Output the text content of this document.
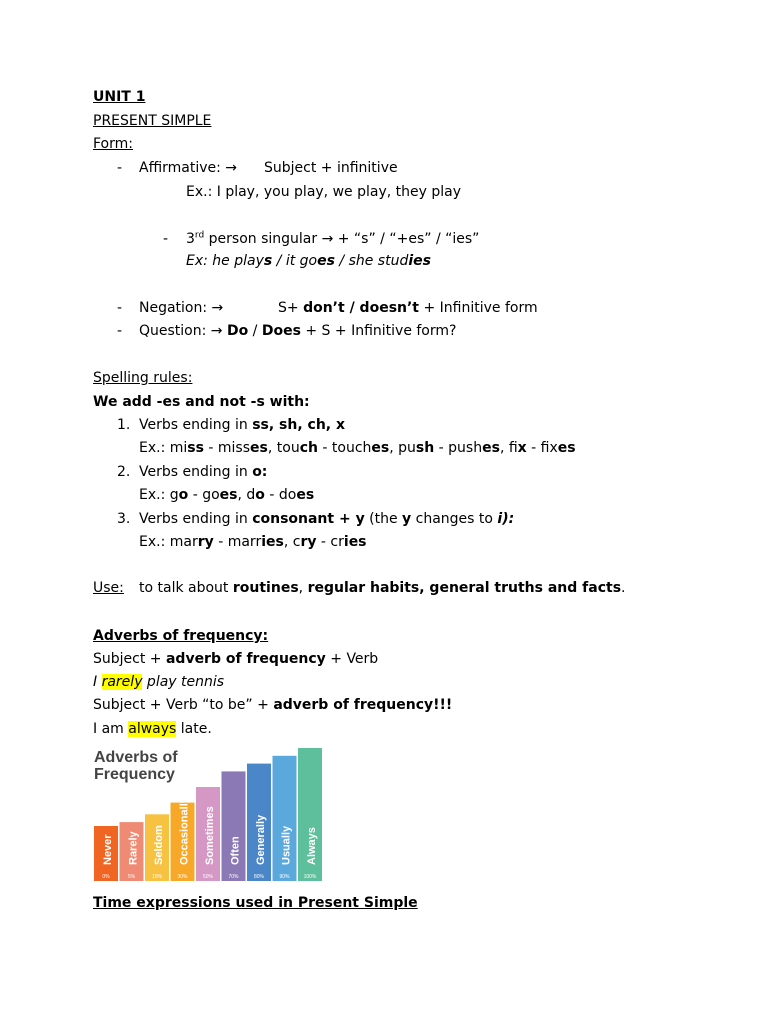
UNIT 1
PRESENT SIMPLE
Form:
- Affirmative: → Subject + infinitive
Ex.: I play, you play, we play, they play
- 3rd person singular → + “s” / “+es” / “ies”
Ex: he plays / it goes / she studies
- Negation: →	S+ don’t / doesn’t + Infinitive form
- Question: → Do / Does + S + Infinitive form?
Spelling rules:
We add -es and not -s with:
1. Verbs ending in ss, sh, ch, x
Ex.: miss - misses, touch - touches, push - pushes, fix - fixes
2. Verbs ending in o:
Ex.: go - goes, do - does
3. Verbs ending in consonant + y (the y changes to i):
Ex.: marry - marries, cry - cries
Use: to talk about routines, regular habits, general truths and facts.
Adverbs of frequency:
Subject + adverb of frequency + Verb
I rarely play tennis
Subject + Verb “to be” + adverb of frequency!!!
I am always late.
Adverbs of
Frequency
Never
0%
Rarely
5%
Seldom
15%
Occasionally
30%
Sometimes
50%
Often
70%
Generally
80%
Usually
90%
Always
100%
Time expressions used in Present Simple
